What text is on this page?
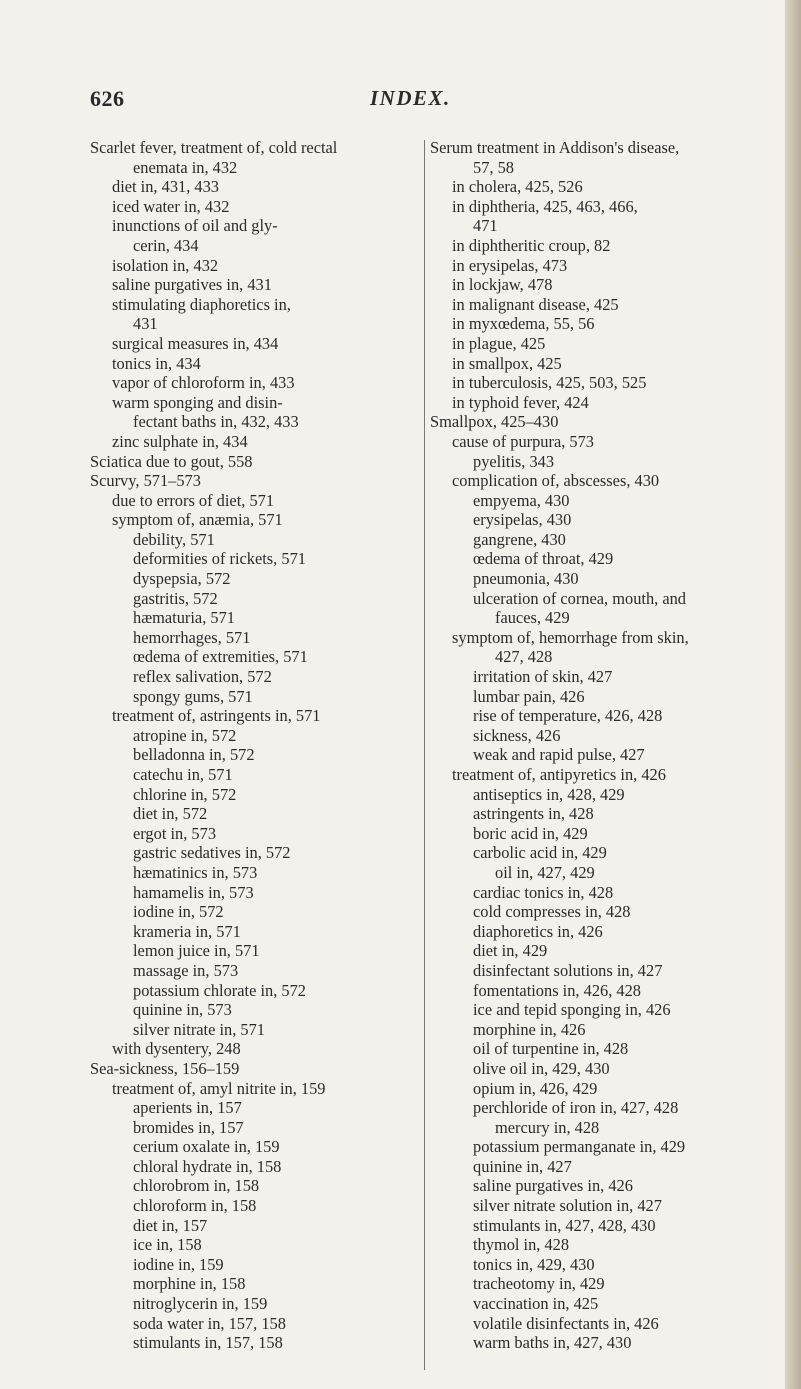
626	INDEX.
Scarlet fever, treatment of, cold rectal
enemata in, 432
diet in, 431, 433
iced water in, 432
inunctions of oil and gly-
cerin, 434
isolation in, 432
saline purgatives in, 431
stimulating diaphoretics in,
431
surgical measures in, 434
tonics in, 434
vapor of chloroform in, 433
warm sponging and disin-
fectant baths in, 432, 433
zinc sulphate in, 434
Sciatica due to gout, 558
Scurvy, 571–573
due to errors of diet, 571
symptom of, anæmia, 571
debility, 571
deformities of rickets, 571
dyspepsia, 572
gastritis, 572
hæmaturia, 571
hemorrhages, 571
œdema of extremities, 571
reflex salivation, 572
spongy gums, 571
treatment of, astringents in, 571
atropine in, 572
belladonna in, 572
catechu in, 571
chlorine in, 572
diet in, 572
ergot in, 573
gastric sedatives in, 572
hæmatinics in, 573
hamamelis in, 573
iodine in, 572
krameria in, 571
lemon juice in, 571
massage in, 573
potassium chlorate in, 572
quinine in, 573
silver nitrate in, 571
with dysentery, 248
Sea-sickness, 156–159
treatment of, amyl nitrite in, 159
aperients in, 157
bromides in, 157
cerium oxalate in, 159
chloral hydrate in, 158
chlorobrom in, 158
chloroform in, 158
diet in, 157
ice in, 158
iodine in, 159
morphine in, 158
nitroglycerin in, 159
soda water in, 157, 158
stimulants in, 157, 158
Serum treatment in Addison's disease,
57, 58
in cholera, 425, 526
in diphtheria, 425, 463, 466,
471
in diphtheritic croup, 82
in erysipelas, 473
in lockjaw, 478
in malignant disease, 425
in myxœdema, 55, 56
in plague, 425
in smallpox, 425
in tuberculosis, 425, 503, 525
in typhoid fever, 424
Smallpox, 425–430
cause of purpura, 573
pyelitis, 343
complication of, abscesses, 430
empyema, 430
erysipelas, 430
gangrene, 430
œdema of throat, 429
pneumonia, 430
ulceration of cornea, mouth, and
fauces, 429
symptom of, hemorrhage from skin,
427, 428
irritation of skin, 427
lumbar pain, 426
rise of temperature, 426, 428
sickness, 426
weak and rapid pulse, 427
treatment of, antipyretics in, 426
antiseptics in, 428, 429
astringents in, 428
boric acid in, 429
carbolic acid in, 429
oil in, 427, 429
cardiac tonics in, 428
cold compresses in, 428
diaphoretics in, 426
diet in, 429
disinfectant solutions in, 427
fomentations in, 426, 428
ice and tepid sponging in, 426
morphine in, 426
oil of turpentine in, 428
olive oil in, 429, 430
opium in, 426, 429
perchloride of iron in, 427, 428
mercury in, 428
potassium permanganate in, 429
quinine in, 427
saline purgatives in, 426
silver nitrate solution in, 427
stimulants in, 427, 428, 430
thymol in, 428
tonics in, 429, 430
tracheotomy in, 429
vaccination in, 425
volatile disinfectants in, 426
warm baths in, 427, 430
